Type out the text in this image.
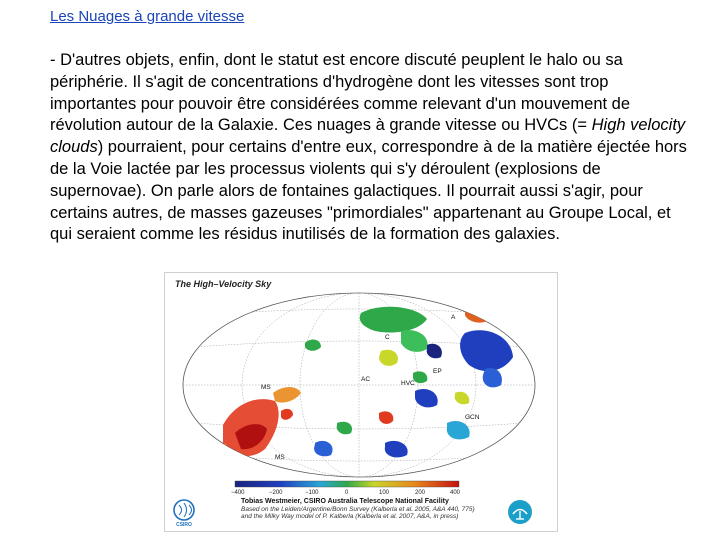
Les Nuages à grande vitesse

- D'autres objets, enfin, dont le statut est encore discuté peuplent le halo ou sa périphérie. Il s'agit de concentrations d'hydrogène dont les vitesses sont trop importantes pour pouvoir être considérées comme relevant d'un mouvement de révolution autour de la Galaxie. Ces nuages à grande vitesse ou HVCs (= High velocity clouds) pourraient, pour certains d'entre eux, correspondre à de la matière éjectée hors de la Voie lactée par les processus violents qui s'y déroulent (explosions de supernovae). On parle alors de fontaines galactiques. Il pourrait aussi s'agir, pour certains autres, de masses gazeuses "primordiales" appartenant au Groupe Local, et qui seraient comme les résidus inutilisés de la formation des galaxies.

The High–Velocity Sky
MS
MS
AC
HVC
EP
GCN
C
A
−400	−200	−100	0	100	200	400
CSIRO
Tobias Westmeier, CSIRO Australia Telescope National Facility
Based on the Leiden/Argentine/Bonn Survey (Kalberla et al. 2005, A&A 440, 775)
and the Milky Way model of P. Kalberla (Kalberla et al. 2007, A&A, in press)
